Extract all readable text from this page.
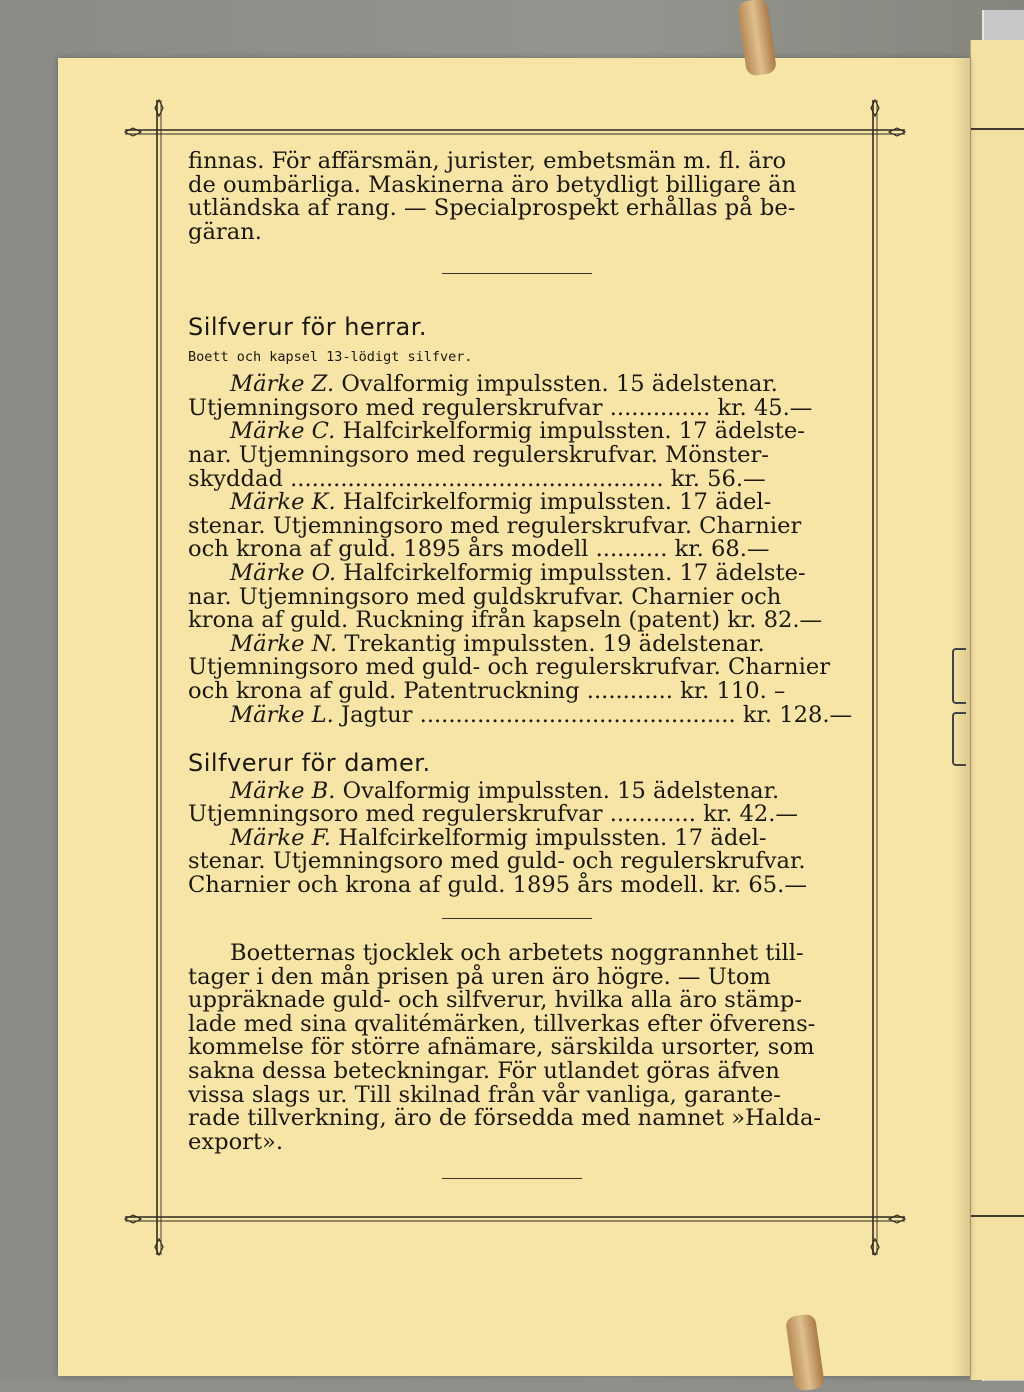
finnas. För affärsmän, jurister, embetsmän m. fl. äro

de oumbärliga. Maskinerna äro betydligt billigare än

utländska af rang. — Specialprospekt erhållas på be-

gäran.

Silfverur för herrar.

Boett och kapsel 13-lödigt silfver.

Märke Z. Ovalformig impulssten. 15 ädelstenar.

Utjemningsoro med regulerskrufvar .............. kr. 45.—

Märke C. Halfcirkelformig impulssten. 17 ädelste-

nar. Utjemningsoro med regulerskrufvar. Mönster-

skyddad .................................................... kr. 56.—

Märke K. Halfcirkelformig impulssten. 17 ädel-

stenar. Utjemningsoro med regulerskrufvar. Charnier

och krona af guld. 1895 års modell .......... kr. 68.—

Märke O. Halfcirkelformig impulssten. 17 ädelste-

nar. Utjemningsoro med guldskrufvar. Charnier och

krona af guld. Ruckning ifrån kapseln (patent) kr. 82.—

Märke N. Trekantig impulssten. 19 ädelstenar.

Utjemningsoro med guld- och regulerskrufvar. Charnier

och krona af guld. Patentruckning ............ kr. 110. –

Märke L. Jagtur ............................................ kr. 128.—

Silfverur för damer.

Märke B. Ovalformig impulssten. 15 ädelstenar.

Utjemningsoro med regulerskrufvar ............ kr. 42.—

Märke F. Halfcirkelformig impulssten. 17 ädel-

stenar. Utjemningsoro med guld- och regulerskrufvar.

Charnier och krona af guld. 1895 års modell. kr. 65.—

Boetternas tjocklek och arbetets noggrannhet till-

tager i den mån prisen på uren äro högre. — Utom

uppräknade guld- och silfverur, hvilka alla äro stämp-

lade med sina qvalitémärken, tillverkas efter öfverens-

kommelse för större afnämare, särskilda ursorter, som

sakna dessa beteckningar. För utlandet göras äfven

vissa slags ur. Till skilnad från vår vanliga, garante-

rade tillverkning, äro de försedda med namnet »Halda-

export».
